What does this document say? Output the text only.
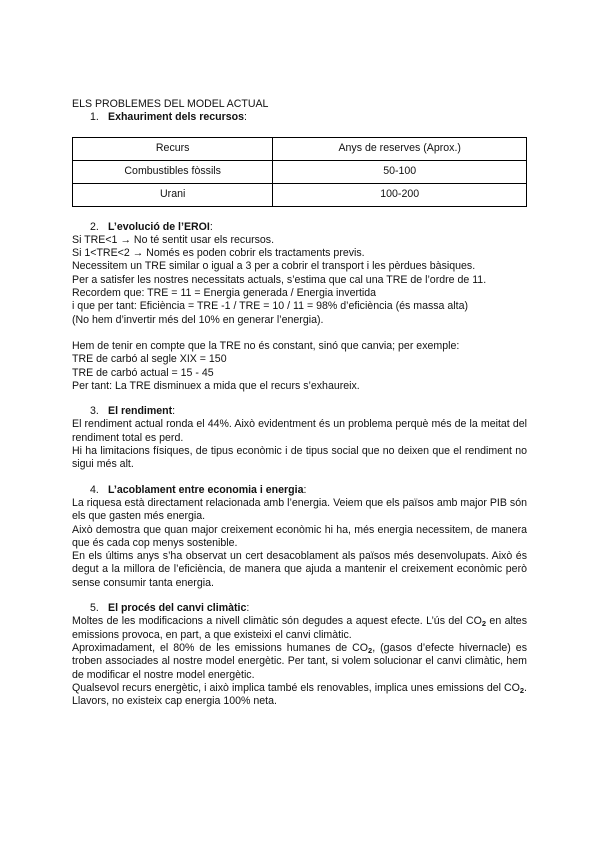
ELS PROBLEMES DEL MODEL ACTUAL

1. Exhauriment dels recursos:

Recurs	Anys de reserves (Aprox.)
Combustibles fòssils	50-100
Urani	100-200

2. L’evolució de l’EROI:

Si TRE<1 → No té sentit usar els recursos.

Si 1<TRE<2 → Només es poden cobrir els tractaments previs.

Necessitem un TRE similar o igual a 3 per a cobrir el transport i les pèrdues bàsiques.

Per a satisfer les nostres necessitats actuals, s’estima que cal una TRE de l’ordre de 11.

Recordem que: TRE = 11 = Energia generada / Energia invertida

i que per tant: Eficiència = TRE -1 / TRE = 10 / 11 = 98% d’eficiència (és massa alta)

(No hem d’invertir més del 10% en generar l’energia).

Hem de tenir en compte que la TRE no és constant, sinó que canvia; per exemple:

TRE de carbó al segle XIX = 150

TRE de carbó actual = 15 - 45

Per tant: La TRE disminuex a mida que el recurs s’exhaureix.

3. El rendiment:

El rendiment actual ronda el 44%. Això evidentment és un problema perquè més de la meitat del rendiment total es perd.

Hi ha limitacions físiques, de tipus econòmic i de tipus social que no deixen que el rendiment no sigui més alt.

4. L’acoblament entre economia i energia:

La riquesa està directament relacionada amb l’energia. Veiem que els països amb major PIB són els que gasten més energia.

Això demostra que quan major creixement econòmic hi ha, més energia necessitem, de manera que és cada cop menys sostenible.

En els últims anys s’ha observat un cert desacoblament als països més desenvolupats. Això és degut a la millora de l’eficiència, de manera que ajuda a mantenir el creixement econòmic però sense consumir tanta energia.

5. El procés del canvi climàtic:

Moltes de les modificacions a nivell climàtic són degudes a aquest efecte. L’ús del $CO_2$ en altes emissions provoca, en part, a que existeixi el canvi climàtic.

Aproximadament, el 80% de les emissions humanes de $CO_2$, (gasos d’efecte hivernacle) es troben associades al nostre model energètic. Per tant, si volem solucionar el canvi climàtic, hem de modificar el nostre model energètic.

Qualsevol recurs energètic, i això implica també els renovables, implica unes emissions del $CO_2$. Llavors, no existeix cap energia 100% neta.
